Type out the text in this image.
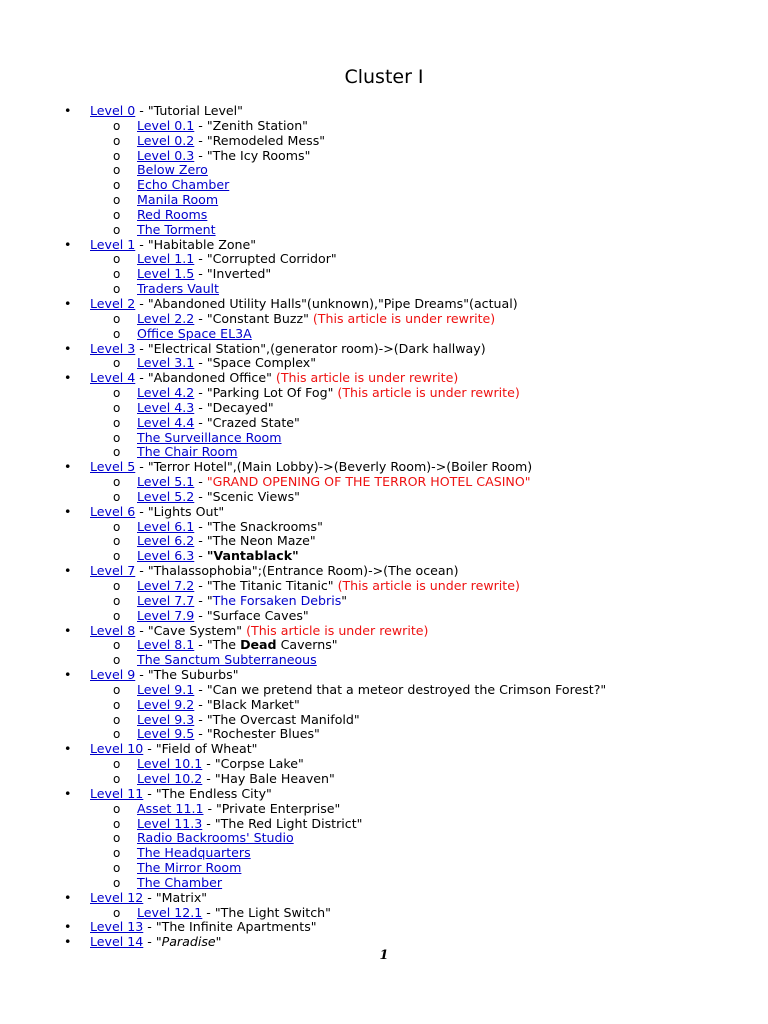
Cluster I
• Level 0 - "Tutorial Level"
o Level 0.1 - "Zenith Station"
o Level 0.2 - "Remodeled Mess"
o Level 0.3 - "The Icy Rooms"
o Below Zero
o Echo Chamber
o Manila Room
o Red Rooms
o The Torment
• Level 1 - "Habitable Zone"
o Level 1.1 - "Corrupted Corridor"
o Level 1.5 - "Inverted"
o Traders Vault
• Level 2 - "Abandoned Utility Halls"(unknown),"Pipe Dreams"(actual)
o Level 2.2 - "Constant Buzz" (This article is under rewrite)
o Office Space EL3A
• Level 3 - "Electrical Station",(generator room)->(Dark hallway)
o Level 3.1 - "Space Complex"
• Level 4 - "Abandoned Office" (This article is under rewrite)
o Level 4.2 - "Parking Lot Of Fog" (This article is under rewrite)
o Level 4.3 - "Decayed"
o Level 4.4 - "Crazed State"
o The Surveillance Room
o The Chair Room
• Level 5 - "Terror Hotel",(Main Lobby)->(Beverly Room)->(Boiler Room)
o Level 5.1 - "GRAND OPENING OF THE TERROR HOTEL CASINO"
o Level 5.2 - "Scenic Views"
• Level 6 - "Lights Out"
o Level 6.1 - "The Snackrooms"
o Level 6.2 - "The Neon Maze"
o Level 6.3 - "Vantablack"
• Level 7 - "Thalassophobia";(Entrance Room)->(The ocean)
o Level 7.2 - "The Titanic Titanic" (This article is under rewrite)
o Level 7.7 - "The Forsaken Debris"
o Level 7.9 - "Surface Caves"
• Level 8 - "Cave System" (This article is under rewrite)
o Level 8.1 - "The Dead Caverns"
o The Sanctum Subterraneous
• Level 9 - "The Suburbs"
o Level 9.1 - "Can we pretend that a meteor destroyed the Crimson Forest?"
o Level 9.2 - "Black Market"
o Level 9.3 - "The Overcast Manifold"
o Level 9.5 - "Rochester Blues"
• Level 10 - "Field of Wheat"
o Level 10.1 - "Corpse Lake"
o Level 10.2 - "Hay Bale Heaven"
• Level 11 - "The Endless City"
o Asset 11.1 - "Private Enterprise"
o Level 11.3 - "The Red Light District"
o Radio Backrooms' Studio
o The Headquarters
o The Mirror Room
o The Chamber
• Level 12 - "Matrix"
o Level 12.1 - "The Light Switch"
• Level 13 - "The Infinite Apartments"
• Level 14 - "Paradise"
1
